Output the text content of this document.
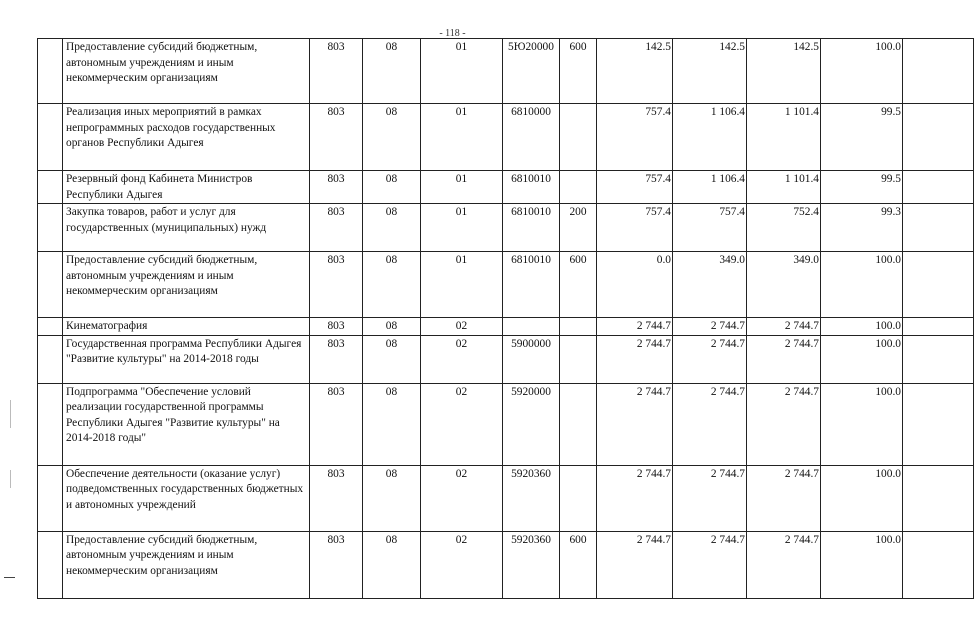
- 118 -
	Предоставление субсидий бюджетным, автономным учреждениям и иным некоммерческим организациям	803	08	01	5Ю20000	600	142.5	142.5	142.5	100.0	
	Реализация иных мероприятий в рамках непрограммных расходов государственных органов Республики Адыгея	803	08	01	6810000		757.4	1 106.4	1 101.4	99.5	
	Резервный фонд Кабинета Министров Республики Адыгея	803	08	01	6810010		757.4	1 106.4	1 101.4	99.5	
	Закупка товаров, работ и услуг для государственных (муниципальных) нужд	803	08	01	6810010	200	757.4	757.4	752.4	99.3	
	Предоставление субсидий бюджетным, автономным учреждениям и иным некоммерческим организациям	803	08	01	6810010	600	0.0	349.0	349.0	100.0	
	Кинематография	803	08	02			2 744.7	2 744.7	2 744.7	100.0	
	Государственная программа Республики Адыгея "Развитие культуры" на 2014-2018 годы	803	08	02	5900000		2 744.7	2 744.7	2 744.7	100.0	
	Подпрограмма "Обеспечение условий реализации государственной программы Республики Адыгея "Развитие культуры" на 2014-2018 годы"	803	08	02	5920000		2 744.7	2 744.7	2 744.7	100.0	
	Обеспечение деятельности (оказание услуг) подведомственных государственных бюджетных и автономных учреждений	803	08	02	5920360		2 744.7	2 744.7	2 744.7	100.0	
	Предоставление субсидий бюджетным, автономным учреждениям и иным некоммерческим организациям	803	08	02	5920360	600	2 744.7	2 744.7	2 744.7	100.0	
